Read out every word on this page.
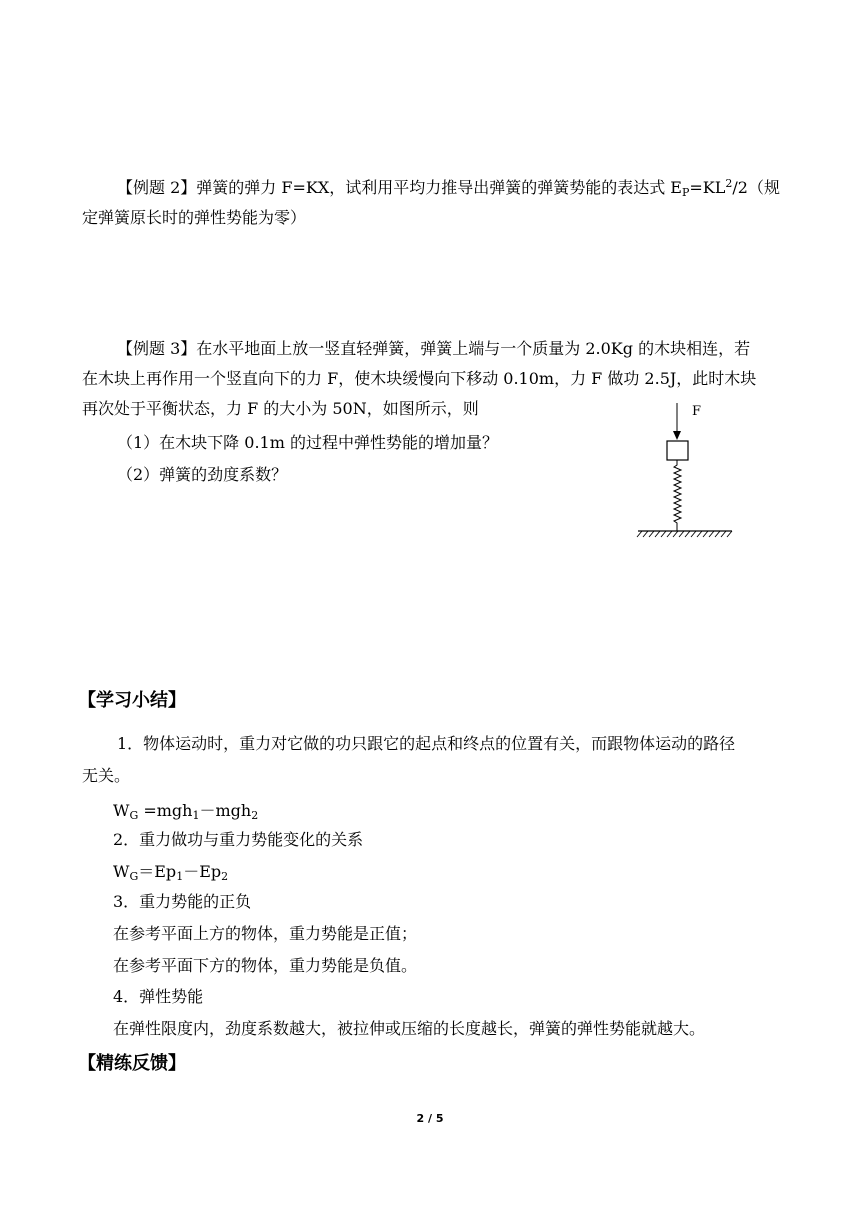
【例题 2】弹簧的弹力 F=KX，试利用平均力推导出弹簧的弹簧势能的表达式 $E_P=KL^2/2$（规
定弹簧原长时的弹性势能为零）
【例题 3】在水平地面上放一竖直轻弹簧，弹簧上端与一个质量为 2.0Kg 的木块相连，若
在木块上再作用一个竖直向下的力 F，使木块缓慢向下移动 0.10m，力 F 做功 2.5J，此时木块
再次处于平衡状态，力 F 的大小为 50N，如图所示，则
（1）在木块下降 0.1m 的过程中弹性势能的增加量？
（2）弹簧的劲度系数？
F
【学习小结】
1．物体运动时，重力对它做的功只跟它的起点和终点的位置有关，而跟物体运动的路径
无关。
$W_G =mgh_1-mgh_2$
2．重力做功与重力势能变化的关系
$W_G=Ep_1-Ep_2$
3．重力势能的正负
在参考平面上方的物体，重力势能是正值；
在参考平面下方的物体，重力势能是负值。
4．弹性势能
在弹性限度内，劲度系数越大，被拉伸或压缩的长度越长，弹簧的弹性势能就越大。
【精练反馈】
2 / 5
